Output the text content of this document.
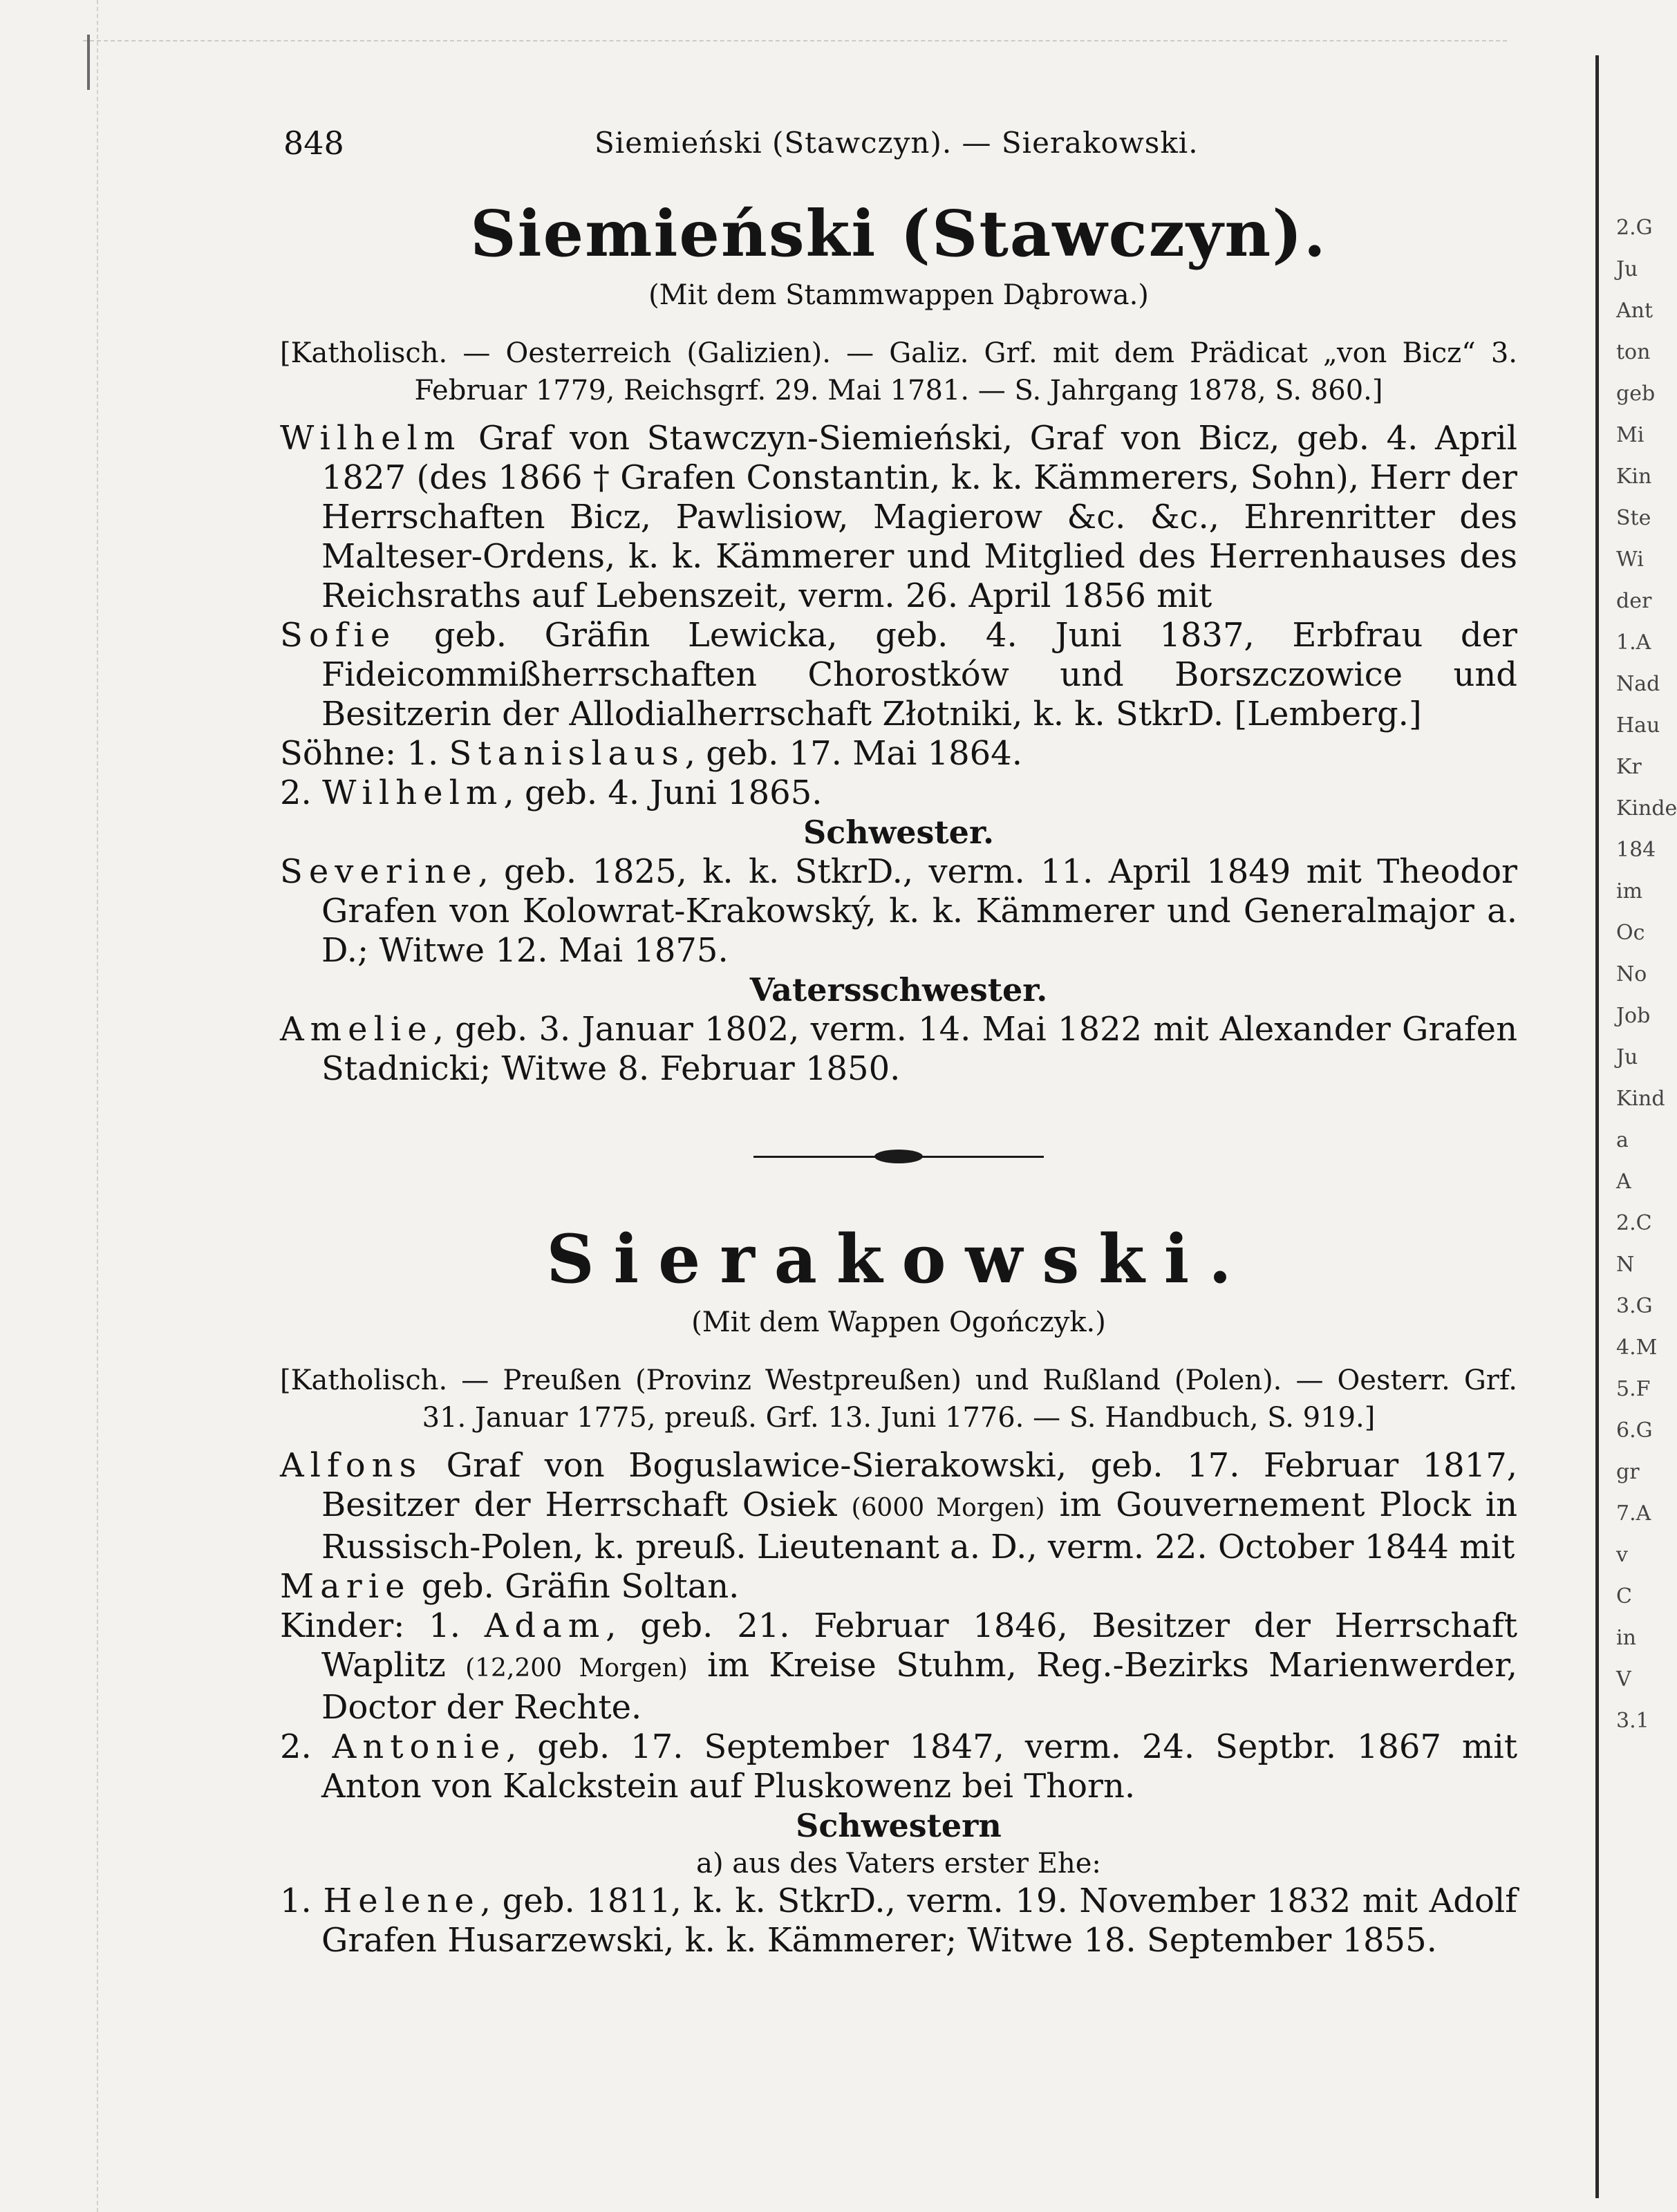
2.G
Ju
Ant
ton
geb
Mi
Kin
Ste
Wi
der
1.A
Nad
Hau
Kr
Kinde
184
im
Oc
No
Job
Ju
Kind
a
A
2.C
N
3.G
4.M
5.F
6.G
gr
7.A
v
C
in
V
3.1
848	Siemieński (Stawczyn). — Sierakowski.
Siemieński (Stawczyn).
(Mit dem Stammwappen Dąbrowa.)
[Katholisch. — Oesterreich (Galizien). — Galiz. Grf. mit dem Prädicat „von Bicz“ 3. Februar 1779, Reichsgrf. 29. Mai 1781. — S. Jahrgang 1878, S. 860.]
Wilhelm Graf von Stawczyn-Siemieński, Graf von Bicz, geb. 4. April 1827 (des 1866 † Grafen Constantin, k. k. Kämmerers, Sohn), Herr der Herrschaften Bicz, Pawlisiow, Magierow &c. &c., Ehrenritter des Malteser-Ordens, k. k. Kämmerer und Mitglied des Herrenhauses des Reichsraths auf Lebenszeit, verm. 26. April 1856 mit
Sofie geb. Gräfin Lewicka, geb. 4. Juni 1837, Erbfrau der Fideicommißherrschaften Chorostków und Borszczowice und Besitzerin der Allodialherrschaft Złotniki, k. k. StkrD. [Lemberg.]
Söhne: 1. Stanislaus, geb. 17. Mai 1864.
2. Wilhelm, geb. 4. Juni 1865.
Schwester.
Severine, geb. 1825, k. k. StkrD., verm. 11. April 1849 mit Theodor Grafen von Kolowrat-Krakowský, k. k. Kämmerer und Generalmajor a. D.; Witwe 12. Mai 1875.
Vatersschwester.
Amelie, geb. 3. Januar 1802, verm. 14. Mai 1822 mit Alexander Grafen Stadnicki; Witwe 8. Februar 1850.
Sierakowski.
(Mit dem Wappen Ogończyk.)
[Katholisch. — Preußen (Provinz Westpreußen) und Rußland (Polen). — Oesterr. Grf. 31. Januar 1775, preuß. Grf. 13. Juni 1776. — S. Handbuch, S. 919.]
Alfons Graf von Boguslawice-Sierakowski, geb. 17. Februar 1817, Besitzer der Herrschaft Osiek (6000 Morgen) im Gouvernement Plock in Russisch-Polen, k. preuß. Lieutenant a. D., verm. 22. October 1844 mit
Marie geb. Gräfin Soltan.
Kinder: 1. Adam, geb. 21. Februar 1846, Besitzer der Herrschaft Waplitz (12,200 Morgen) im Kreise Stuhm, Reg.-Bezirks Marienwerder, Doctor der Rechte.
2. Antonie, geb. 17. September 1847, verm. 24. Septbr. 1867 mit Anton von Kalckstein auf Pluskowenz bei Thorn.
Schwestern
a) aus des Vaters erster Ehe:
1. Helene, geb. 1811, k. k. StkrD., verm. 19. November 1832 mit Adolf Grafen Husarzewski, k. k. Kämmerer; Witwe 18. September 1855.
